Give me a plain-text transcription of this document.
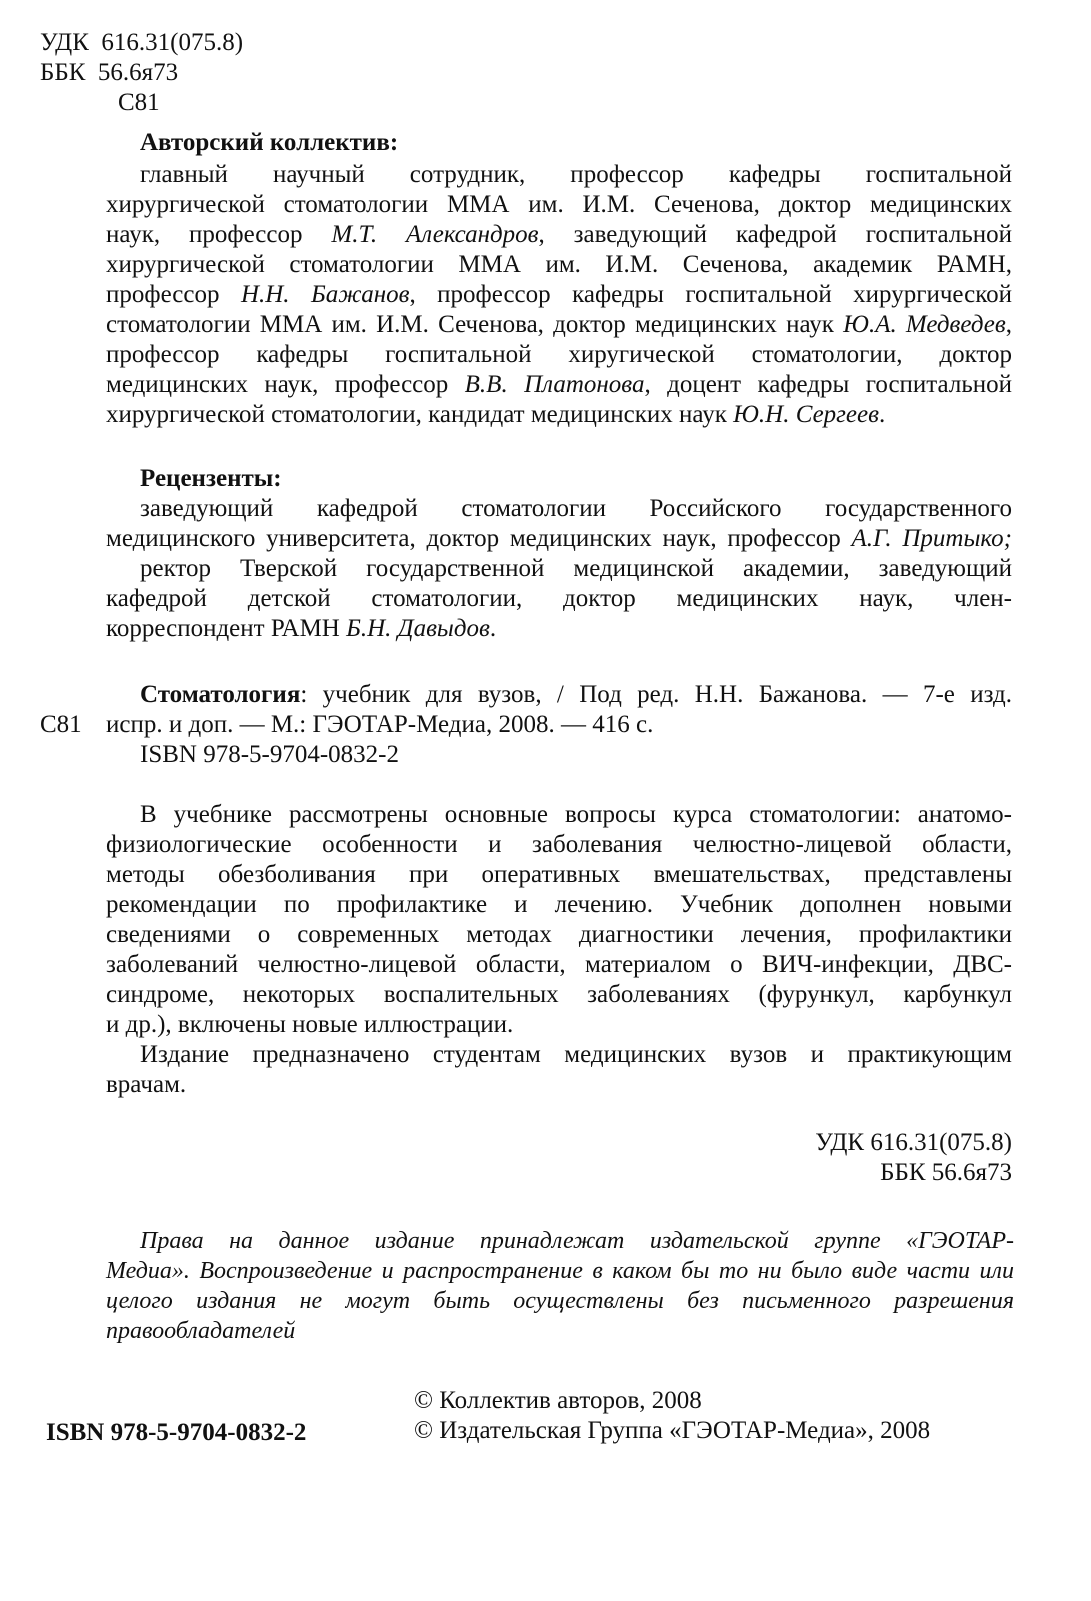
УДК 616.31(075.8)
ББК 56.6я73
С81
Авторский коллектив:
главный научный сотрудник, профессор кафедры госпитальной
хирургической стоматологии ММА им. И.М. Сеченова, доктор медицинских
наук, профессор М.Т. Александров, заведующий кафедрой госпитальной
хирургической стоматологии ММА им. И.М. Сеченова, академик РАМН,
профессор Н.Н. Бажанов, профессор кафедры госпитальной хирургической
стоматологии ММА им. И.М. Сеченова, доктор медицинских наук Ю.А. Медведев,
профессор кафедры госпитальной хиругической стоматологии, доктор
медицинских наук, профессор В.В. Платонова, доцент кафедры госпитальной
хирургической стоматологии, кандидат медицинских наук Ю.Н. Сергеев.
Рецензенты:
заведующий кафедрой стоматологии Российского государственного
медицинского университета, доктор медицинских наук, профессор А.Г. Притыко;
ректор Тверской государственной медицинской академии, заведующий
кафедрой детской стоматологии, доктор медицинских наук, член-
корреспондент РАМН Б.Н. Давыдов.
Стоматология: учебник для вузов, / Под ред. Н.Н. Бажанова. — 7-е изд.
испр. и доп. — М.: ГЭОТАР-Медиа, 2008. — 416 с.
ISBN 978-5-9704-0832-2
С81
В учебнике рассмотрены основные вопросы курса стоматологии: анатомо-
физиологические особенности и заболевания челюстно-лицевой области,
методы обезболивания при оперативных вмешательствах, представлены
рекомендации по профилактике и лечению. Учебник дополнен новыми
сведениями о современных методах диагностики лечения, профилактики
заболеваний челюстно-лицевой области, материалом о ВИЧ-инфекции, ДВС-
синдроме, некоторых воспалительных заболеваниях (фурункул, карбункул
и др.), включены новые иллюстрации.
Издание предназначено студентам медицинских вузов и практикующим
врачам.
УДК 616.31(075.8)
ББК 56.6я73
Права на данное издание принадлежат издательской группе «ГЭОТАР-
Медиа». Воспроизведение и распространение в каком бы то ни было виде части или
целого издания не могут быть осуществлены без письменного разрешения
правообладателей
ISBN 978-5-9704-0832-2
© Коллектив авторов, 2008
© Издательская Группа «ГЭОТАР-Медиа», 2008
